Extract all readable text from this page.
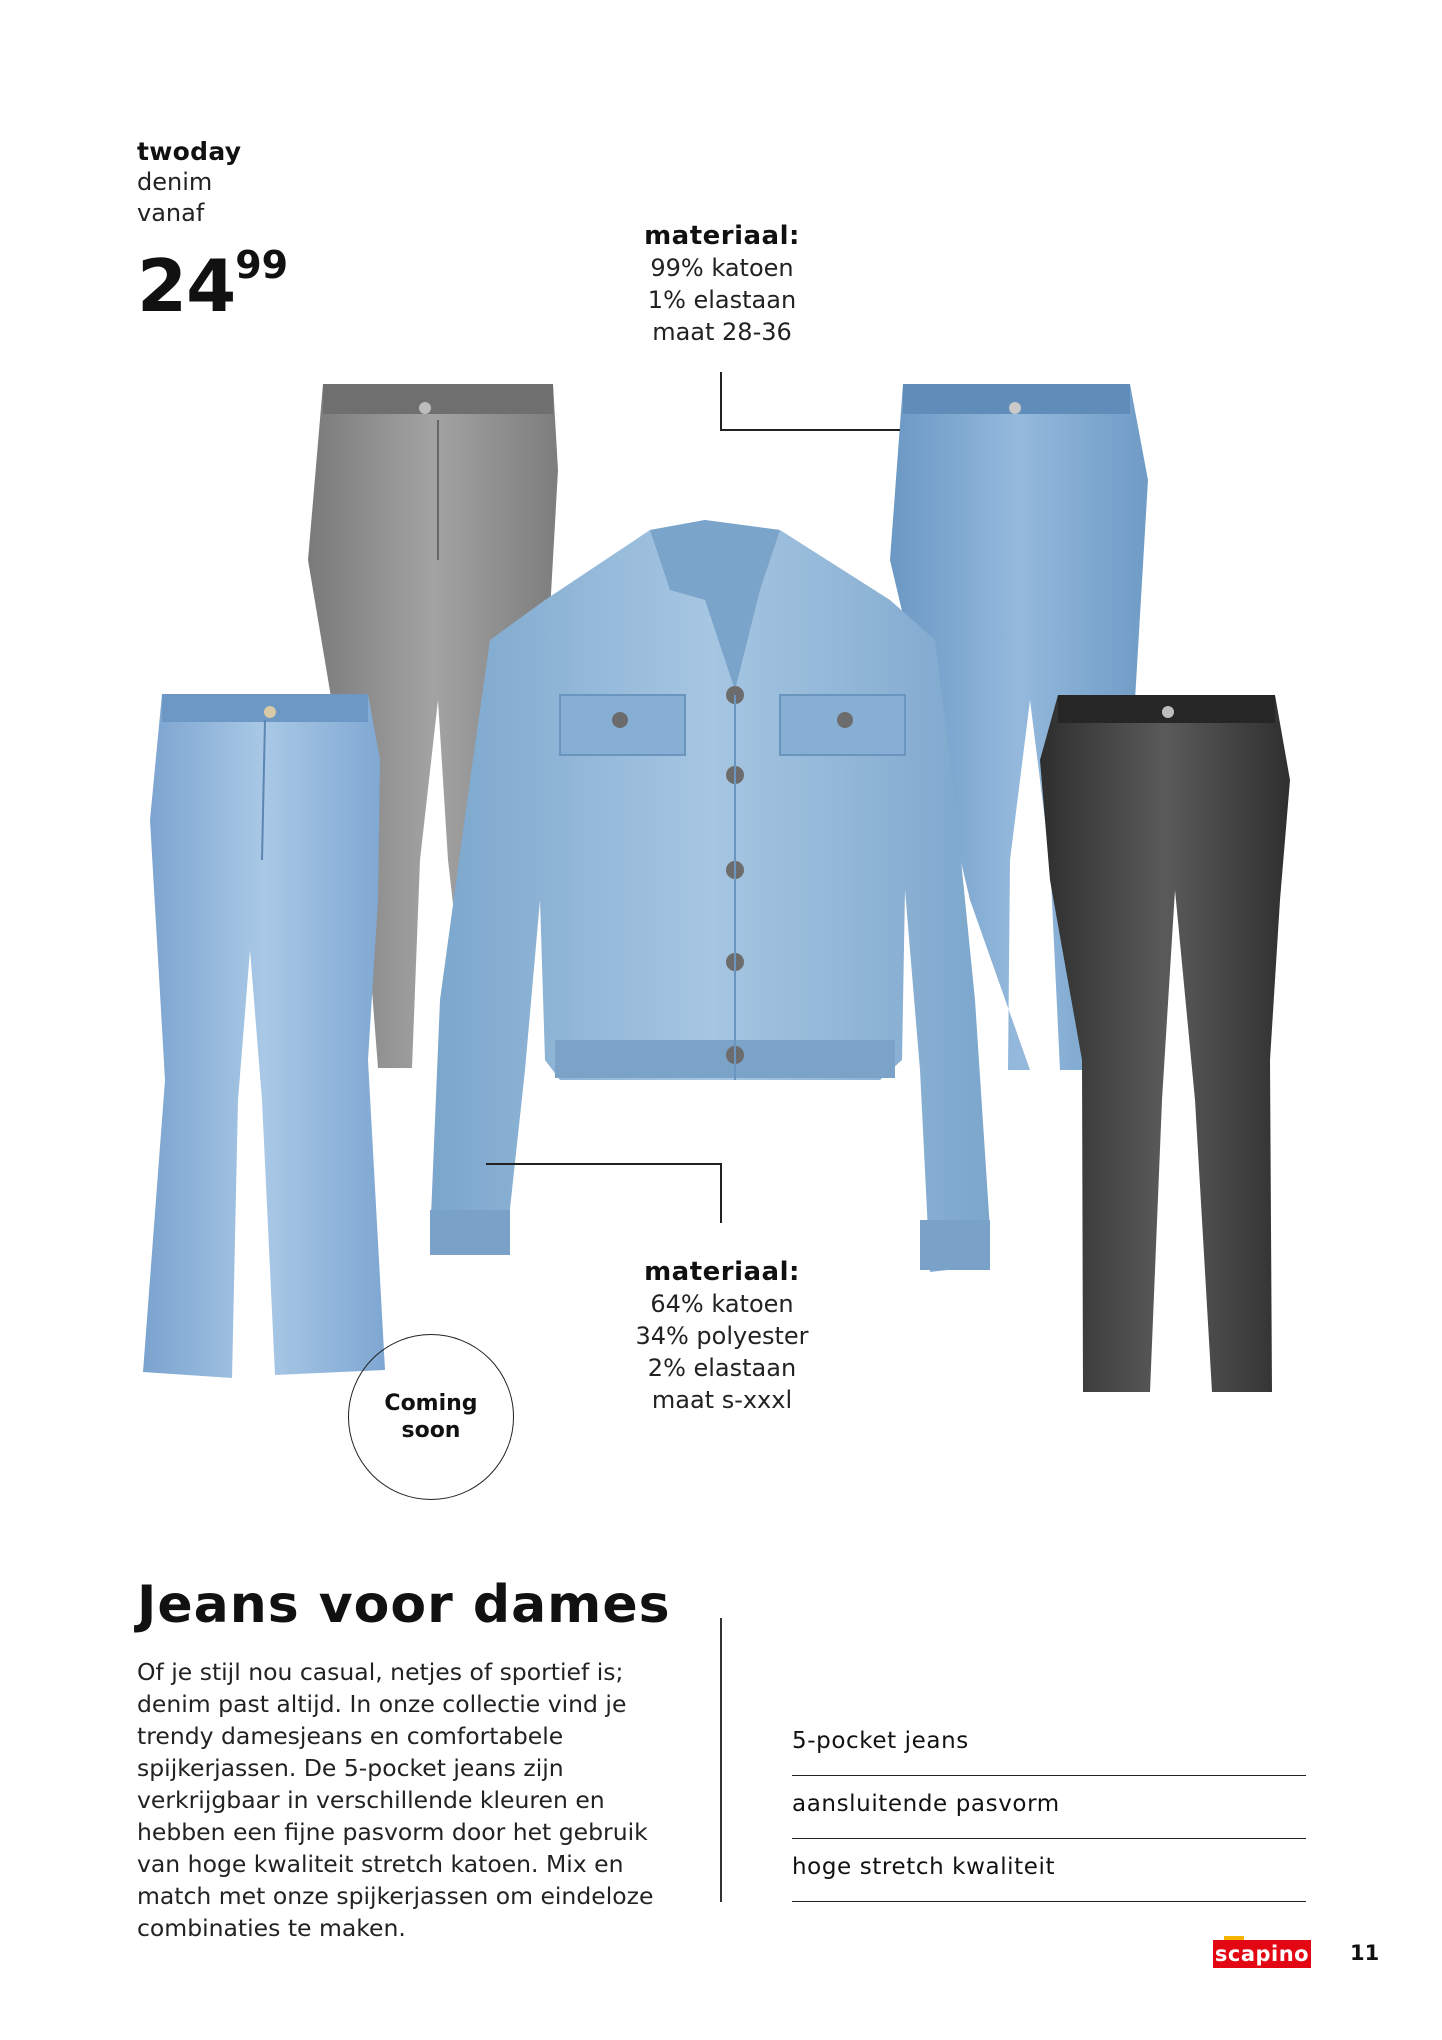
twoday
denim
vanaf
$24^{99}$
materiaal:
99% katoen
1% elastaan
maat 28-36
materiaal:
64% katoen
34% polyester
2% elastaan
maat s-xxxl
Coming
soon
Jeans voor dames
Of je stijl nou casual, netjes of sportief is; denim past altijd. In onze collectie vind je trendy damesjeans en comfortabele spijkerjassen. De 5-pocket jeans zijn verkrijgbaar in verschillende kleuren en hebben een fijne pasvorm door het gebruik van hoge kwaliteit stretch katoen. Mix en match met onze spijkerjassen om eindeloze combinaties te maken.
5-pocket jeans
aansluitende pasvorm
hoge stretch kwaliteit
scapino 11
